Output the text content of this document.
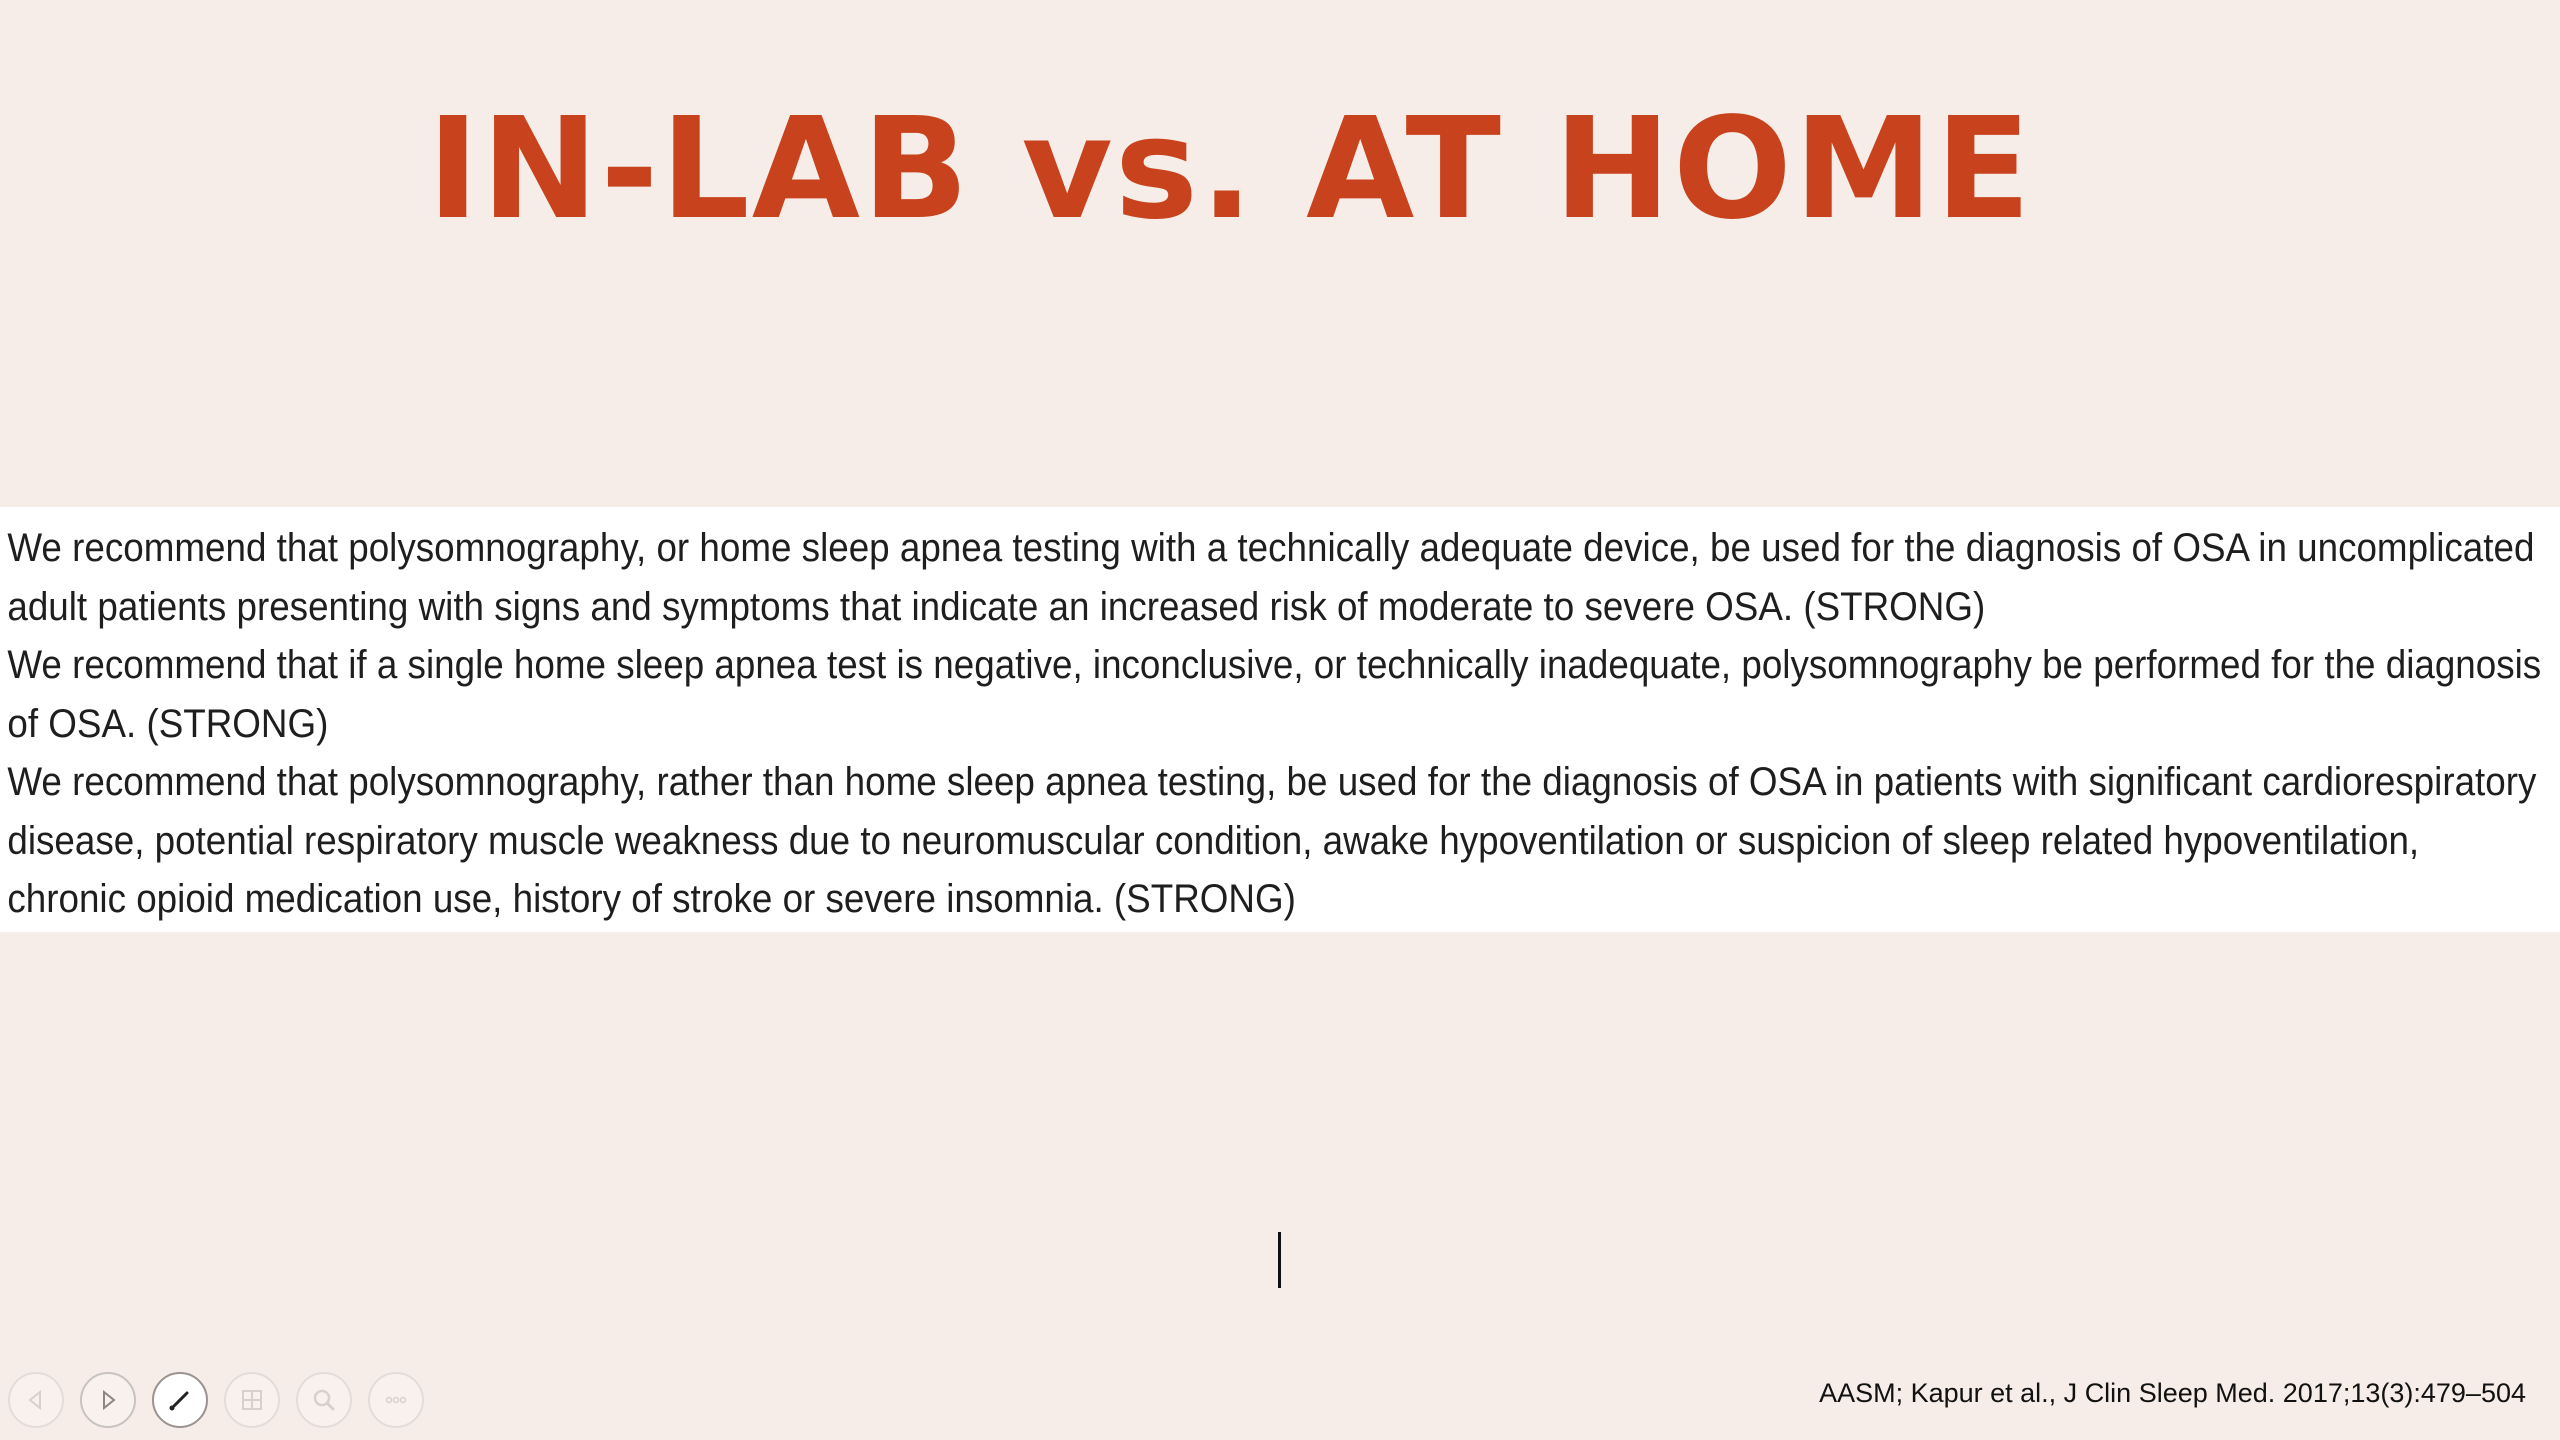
IN-LAB vs. AT HOME

We recommend that polysomnography, or home sleep apnea testing with a technically adequate device, be used for the diagnosis of OSA in uncomplicated adult patients presenting with signs and symptoms that indicate an increased risk of moderate to severe OSA. (STRONG)

We recommend that if a single home sleep apnea test is negative, inconclusive, or technically inadequate, polysomnography be performed for the diagnosis of OSA. (STRONG)

We recommend that polysomnography, rather than home sleep apnea testing, be used for the diagnosis of OSA in patients with significant cardiorespiratory disease, potential respiratory muscle weakness due to neuromuscular condition, awake hypoventilation or suspicion of sleep related hypoventilation, chronic opioid medication use, history of stroke or severe insomnia. (STRONG)

AASM; Kapur et al., J Clin Sleep Med. 2017;13(3):479–504
